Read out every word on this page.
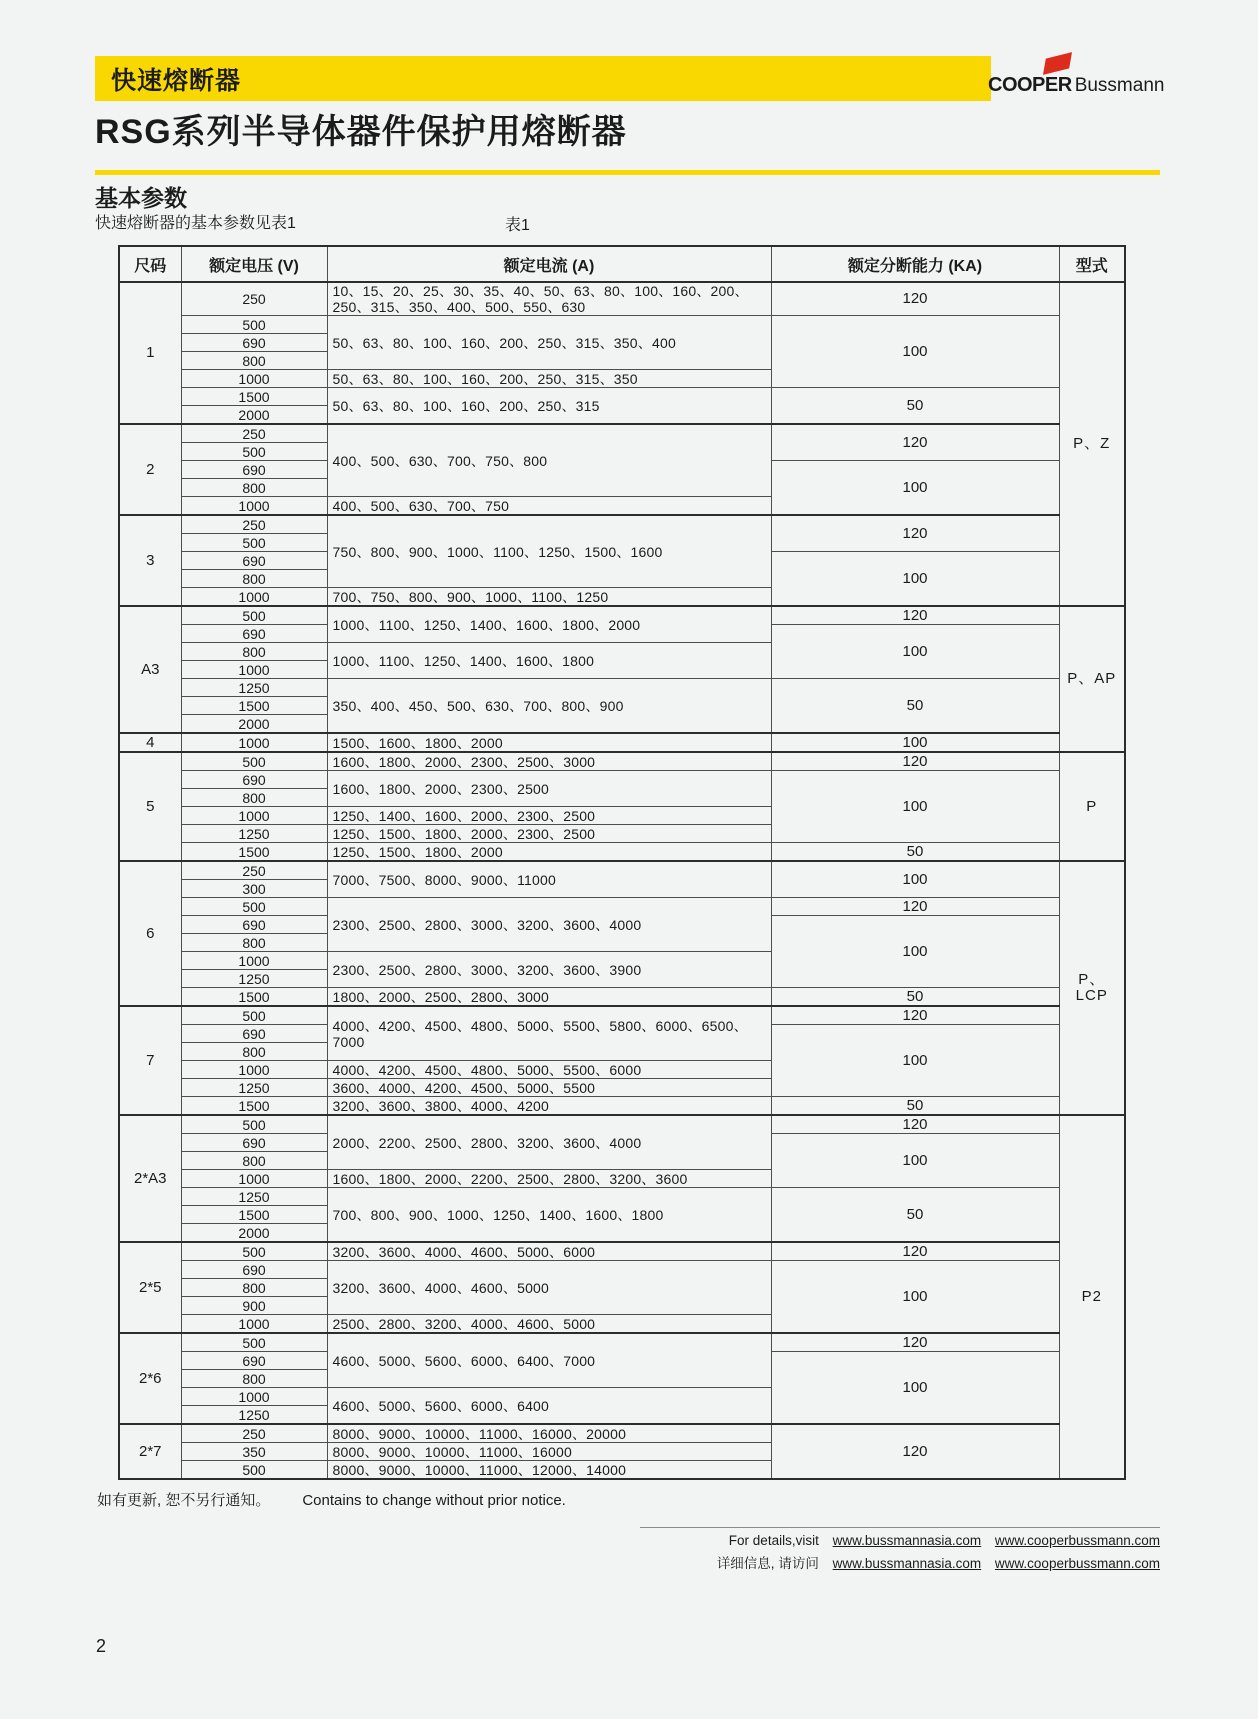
快速熔断器	COOPER Bussmann
RSG系列半导体器件保护用熔断器
基本参数
快速熔断器的基本参数见表1	表1
尺码	额定电压 (V)	额定电流 (A)	额定分断能力 (KA)	型式
1	250	10、15、20、25、30、35、40、50、63、80、100、160、200、250、315、350、400、500、550、630	120	P、Z
	500	50、63、80、100、160、200、250、315、350、400	100	
	690			
	800			
	1000	50、63、80、100、160、200、250、315、350		
	1500	50、63、80、100、160、200、250、315	50	
	2000			
2	250	400、500、630、700、750、800	120	
	500			
	690		100	
	800			
	1000	400、500、630、700、750		
3	250	750、800、900、1000、1100、1250、1500、1600	120	
	500			
	690		100	
	800			
	1000	700、750、800、900、1000、1100、1250		
A3	500	1000、1100、1250、1400、1600、1800、2000	120	P、AP
	690		100	
	800	1000、1100、1250、1400、1600、1800		
	1000			
	1250	350、400、450、500、630、700、800、900	50	
	1500			
	2000			
4	1000	1500、1600、1800、2000	100	
5	500	1600、1800、2000、2300、2500、3000	120	P
	690	1600、1800、2000、2300、2500	100	
	800			
	1000	1250、1400、1600、2000、2300、2500		
	1250	1250、1500、1800、2000、2300、2500		
	1500	1250、1500、1800、2000	50	
6	250	7000、7500、8000、9000、11000	100	P、LCP
	300			
	500	2300、2500、2800、3000、3200、3600、4000	120	
	690		100	
	800			
	1000	2300、2500、2800、3000、3200、3600、3900		
	1250			
	1500	1800、2000、2500、2800、3000	50	
7	500	4000、4200、4500、4800、5000、5500、5800、6000、6500、7000	120	
	690		100	
	800			
	1000	4000、4200、4500、4800、5000、5500、6000		
	1250	3600、4000、4200、4500、5000、5500		
	1500	3200、3600、3800、4000、4200	50	
2*A3	500	2000、2200、2500、2800、3200、3600、4000	120	P2
	690		100	
	800			
	1000	1600、1800、2000、2200、2500、2800、3200、3600		
	1250	700、800、900、1000、1250、1400、1600、1800	50	
	1500			
	2000			
2*5	500	3200、3600、4000、4600、5000、6000	120	
	690	3200、3600、4000、4600、5000	100	
	800			
	900			
	1000	2500、2800、3200、4000、4600、5000		
2*6	500	4600、5000、5600、6000、6400、7000	120	
	690		100	
	800			
	1000	4600、5000、5600、6000、6400		
	1250			
2*7	250	8000、9000、10000、11000、16000、20000	120	
	350	8000、9000、10000、11000、16000		
	500	8000、9000、10000、11000、12000、14000		
如有更新, 恕不另行通知。 Contains to change without prior notice.
For details,visit www.bussmannasia.com www.cooperbussmann.com
详细信息, 请访问 www.bussmannasia.com www.cooperbussmann.com
2
